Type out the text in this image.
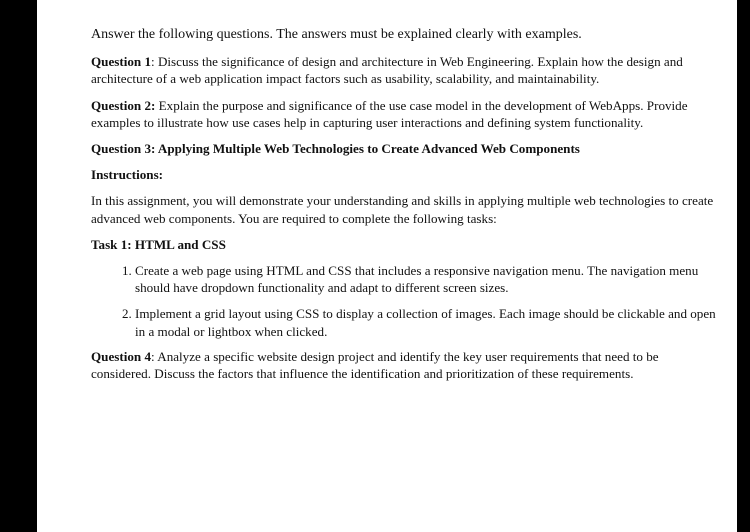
Answer the following questions. The answers must be explained clearly with examples.

Question 1: Discuss the significance of design and architecture in Web Engineering. Explain how the design and architecture of a web application impact factors such as usability, scalability, and maintainability.

Question 2: Explain the purpose and significance of the use case model in the development of WebApps. Provide examples to illustrate how use cases help in capturing user interactions and defining system functionality.

Question 3: Applying Multiple Web Technologies to Create Advanced Web Components

Instructions:

In this assignment, you will demonstrate your understanding and skills in applying multiple web technologies to create advanced web components. You are required to complete the following tasks:

Task 1: HTML and CSS

1. Create a web page using HTML and CSS that includes a responsive navigation menu. The navigation menu should have dropdown functionality and adapt to different screen sizes.
2. Implement a grid layout using CSS to display a collection of images. Each image should be clickable and open in a modal or lightbox when clicked.

Question 4: Analyze a specific website design project and identify the key user requirements that need to be considered. Discuss the factors that influence the identification and prioritization of these requirements.
